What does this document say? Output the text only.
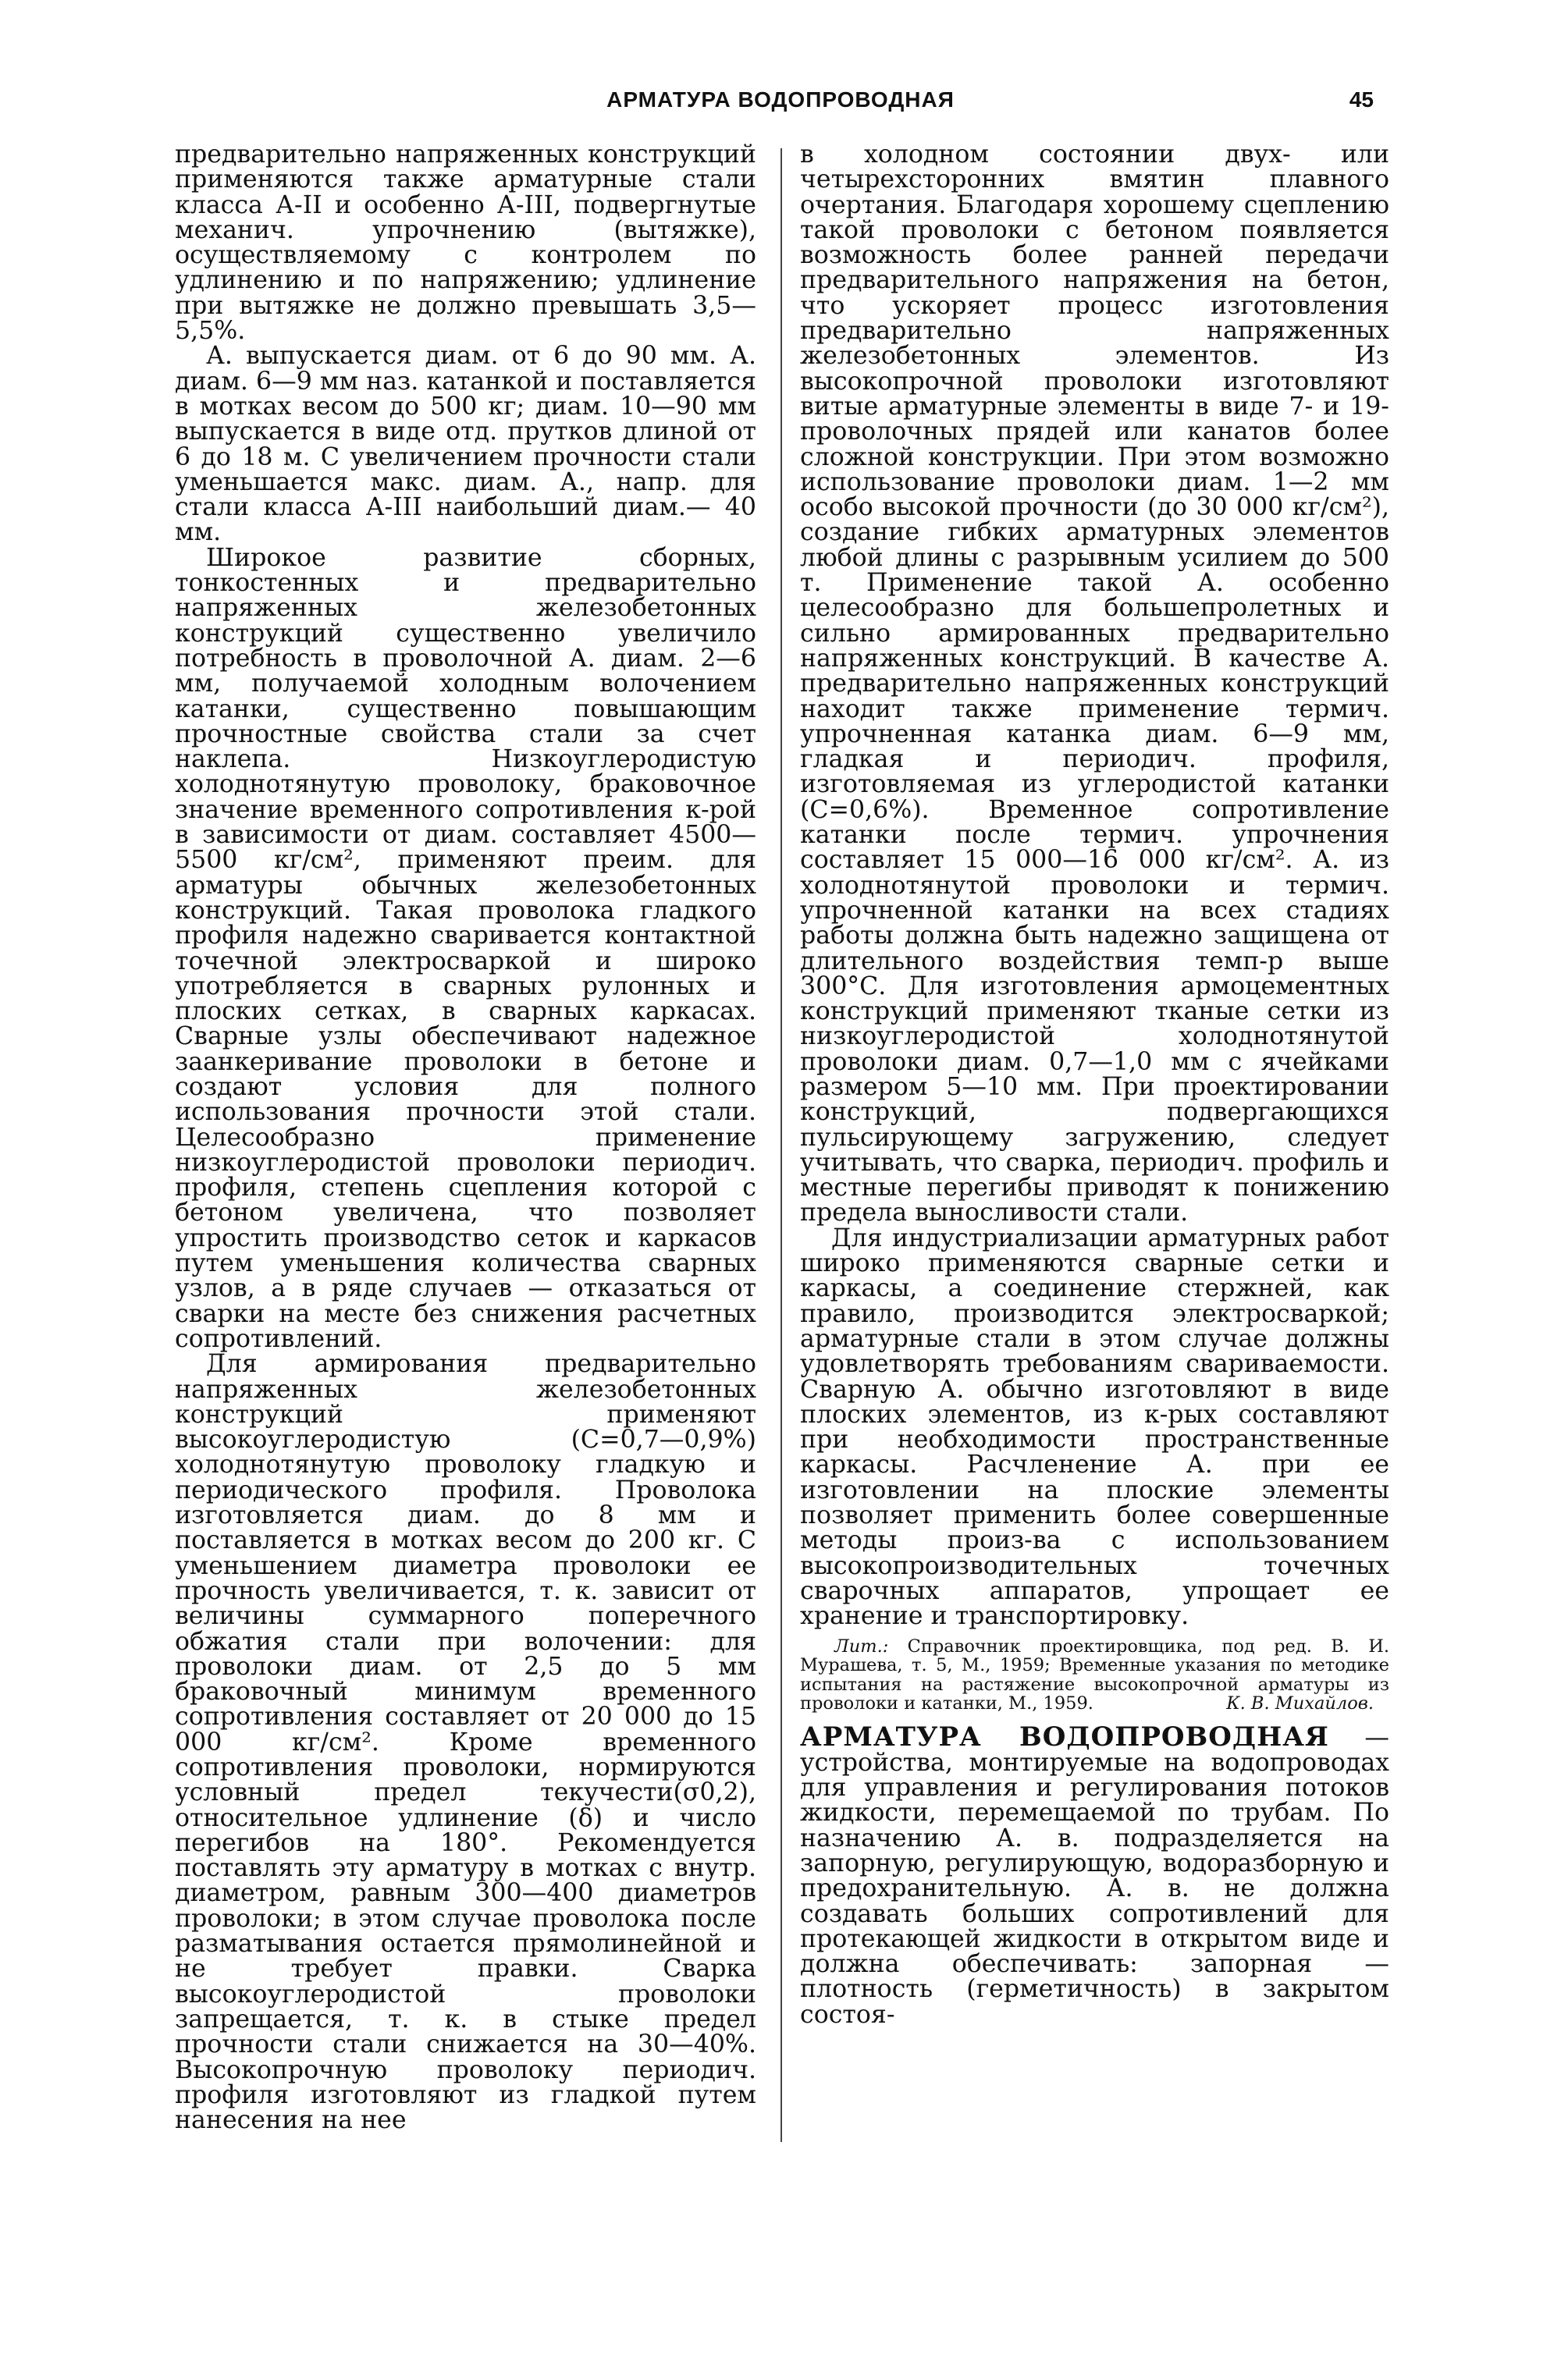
АРМАТУРА ВОДОПРОВОДНАЯ	45

предварительно напряженных конструкций применяются также арматурные стали класса А-II и особенно А-III, подвергнутые механич. упрочнению (вытяжке), осуществляемому с контролем по удлинению и по напряжению; удлинение при вытяжке не должно превышать 3,5—5,5%.

А. выпускается диам. от 6 до 90 мм. А. диам. 6—9 мм наз. катанкой и поставляется в мотках весом до 500 кг; диам. 10—90 мм выпускается в виде отд. прутков длиной от 6 до 18 м. С увеличением прочности стали уменьшается макс. диам. А., напр. для стали класса А-III наибольший диам.— 40 мм.

Широкое развитие сборных, тонкостенных и предварительно напряженных железобетонных конструкций существенно увеличило потребность в проволочной А. диам. 2—6 мм, получаемой холодным волочением катанки, существенно повышающим прочностные свойства стали за счет наклепа. Низкоуглеродистую холоднотянутую проволоку, браковочное значение временного сопротивления к-рой в зависимости от диам. составляет 4500—5500 кг/см², применяют преим. для арматуры обычных железобетонных конструкций. Такая проволока гладкого профиля надежно сваривается контактной точечной электросваркой и широко употребляется в сварных рулонных и плоских сетках, в сварных каркасах. Сварные узлы обеспечивают надежное заанкеривание проволоки в бетоне и создают условия для полного использования прочности этой стали. Целесообразно применение низкоуглеродистой проволоки периодич. профиля, степень сцепления которой с бетоном увеличена, что позволяет упростить производство сеток и каркасов путем уменьшения количества сварных узлов, а в ряде случаев — отказаться от сварки на месте без снижения расчетных сопротивлений.

Для армирования предварительно напряженных железобетонных конструкций применяют высокоуглеродистую (С=0,7—0,9%) холоднотянутую проволоку гладкую и периодического профиля. Проволока изготовляется диам. до 8 мм и поставляется в мотках весом до 200 кг. С уменьшением диаметра проволоки ее прочность увеличивается, т. к. зависит от величины суммарного поперечного обжатия стали при волочении: для проволоки диам. от 2,5 до 5 мм браковочный минимум временного сопротивления составляет от 20 000 до 15 000 кг/см². Кроме временного сопротивления проволоки, нормируются условный предел текучести(σ0,2), относительное удлинение (δ) и число перегибов на 180°. Рекомендуется поставлять эту арматуру в мотках с внутр. диаметром, равным 300—400 диаметров проволоки; в этом случае проволока после разматывания остается прямолинейной и не требует правки. Сварка высокоуглеродистой проволоки запрещается, т. к. в стыке предел прочности стали снижается на 30—40%. Высокопрочную проволоку периодич. профиля изготовляют из гладкой путем нанесения на нее

в холодном состоянии двух- или четырехсторонних вмятин плавного очертания. Благодаря хорошему сцеплению такой проволоки с бетоном появляется возможность более ранней передачи предварительного напряжения на бетон, что ускоряет процесс изготовления предварительно напряженных железобетонных элементов. Из высокопрочной проволоки изготовляют витые арматурные элементы в виде 7- и 19-проволочных прядей или канатов более сложной конструкции. При этом возможно использование проволоки диам. 1—2 мм особо высокой прочности (до 30 000 кг/см²), создание гибких арматурных элементов любой длины с разрывным усилием до 500 т. Применение такой А. особенно целесообразно для большепролетных и сильно армированных предварительно напряженных конструкций. В качестве А. предварительно напряженных конструкций находит также применение термич. упрочненная катанка диам. 6—9 мм, гладкая и периодич. профиля, изготовляемая из углеродистой катанки (С=0,6%). Временное сопротивление катанки после термич. упрочнения составляет 15 000—16 000 кг/см². А. из холоднотянутой проволоки и термич. упрочненной катанки на всех стадиях работы должна быть надежно защищена от длительного воздействия темп-р выше 300°С. Для изготовления армоцементных конструкций применяют тканые сетки из низкоуглеродистой холоднотянутой проволоки диам. 0,7—1,0 мм с ячейками размером 5—10 мм. При проектировании конструкций, подвергающихся пульсирующему загружению, следует учитывать, что сварка, периодич. профиль и местные перегибы приводят к понижению предела выносливости стали.

Для индустриализации арматурных работ широко применяются сварные сетки и каркасы, а соединение стержней, как правило, производится электросваркой; арматурные стали в этом случае должны удовлетворять требованиям свариваемости. Сварную А. обычно изготовляют в виде плоских элементов, из к-рых составляют при необходимости пространственные каркасы. Расчленение А. при ее изготовлении на плоские элементы позволяет применить более совершенные методы произ-ва с использованием высокопроизводительных точечных сварочных аппаратов, упрощает ее хранение и транспортировку.

Лит.: Справочник проектировщика, под ред. В. И. Мурашева, т. 5, М., 1959; Временные указания по методике испытания на растяжение высокопрочной арматуры из проволоки и катанки, М., 1959.	К. В. Михайлов.

АРМАТУРА ВОДОПРОВОДНАЯ — устройства, монтируемые на водопроводах для управления и регулирования потоков жидкости, перемещаемой по трубам. По назначению А. в. подразделяется на запорную, регулирующую, водоразборную и предохранительную. А. в. не должна создавать больших сопротивлений для протекающей жидкости в открытом виде и должна обеспечивать: запорная — плотность (герметичность) в закрытом состоя-
